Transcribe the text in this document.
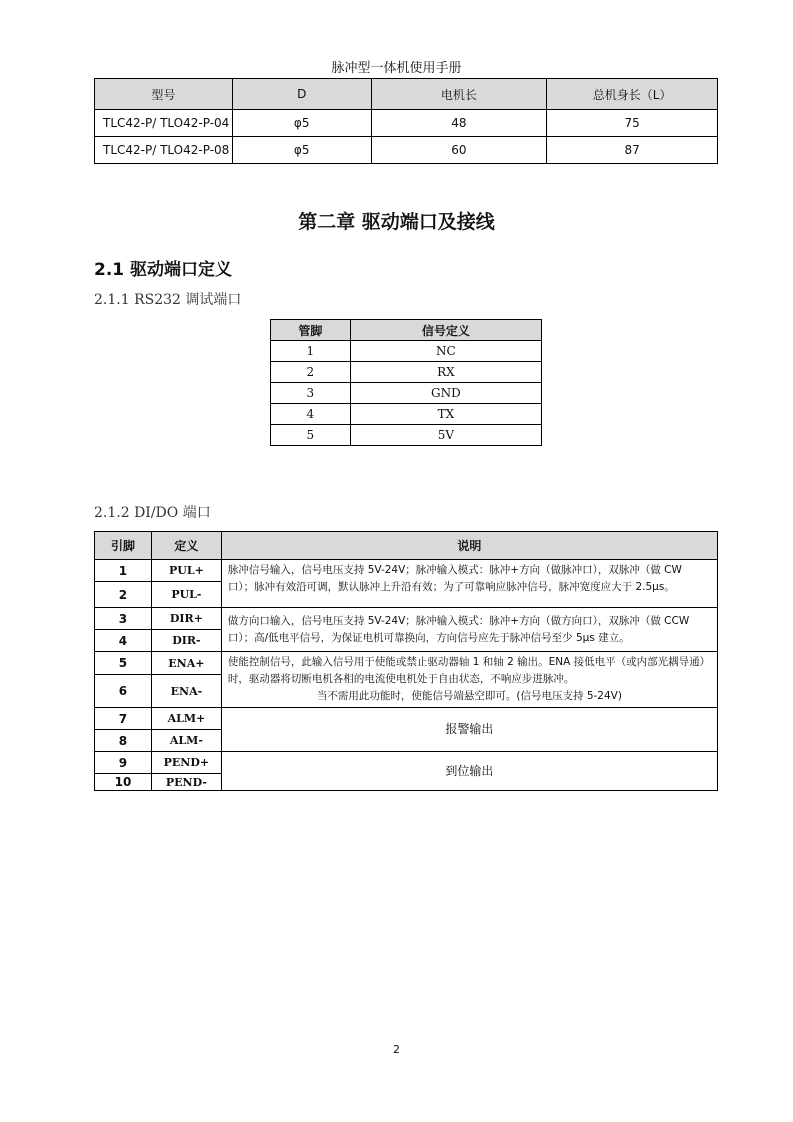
脉冲型一体机使用手册
型号	D	电机长	总机身长（L）
TLC42-P/ TLO42-P-04	φ5	48	75
TLC42-P/ TLO42-P-08	φ5	60	87
第二章 驱动端口及接线
2.1 驱动端口定义
2.1.1 RS232 调试端口
管脚	信号定义
1	NC
2	RX
3	GND
4	TX
5	5V
2.1.2 DI/DO 端口
引脚	定义	说明
1	PUL+	脉冲信号输入，信号电压支持 5V-24V；脉冲输入模式：脉冲+方向（做脉冲口），双脉冲（做 CW 口）；脉冲有效沿可调，默认脉冲上升沿有效；为了可靠响应脉冲信号，脉冲宽度应大于 2.5μs。
2	PUL-	
3	DIR+	做方向口输入，信号电压支持 5V-24V；脉冲输入模式：脉冲+方向（做方向口），双脉冲（做 CCW 口）；高/低电平信号，为保证电机可靠换向，方向信号应先于脉冲信号至少 5μs 建立。
4	DIR-	
5	ENA+	使能控制信号，此输入信号用于使能或禁止驱动器轴 1 和轴 2 输出。ENA 接低电平（或内部光耦导通）时，驱动器将切断电机各相的电流使电机处于自由状态，不响应步进脉冲。
当不需用此功能时，使能信号端悬空即可。(信号电压支持 5-24V)

6	ENA-	
7	ALM+	报警输出
8	ALM-	
9	PEND+	到位输出
10	PEND-	
2
